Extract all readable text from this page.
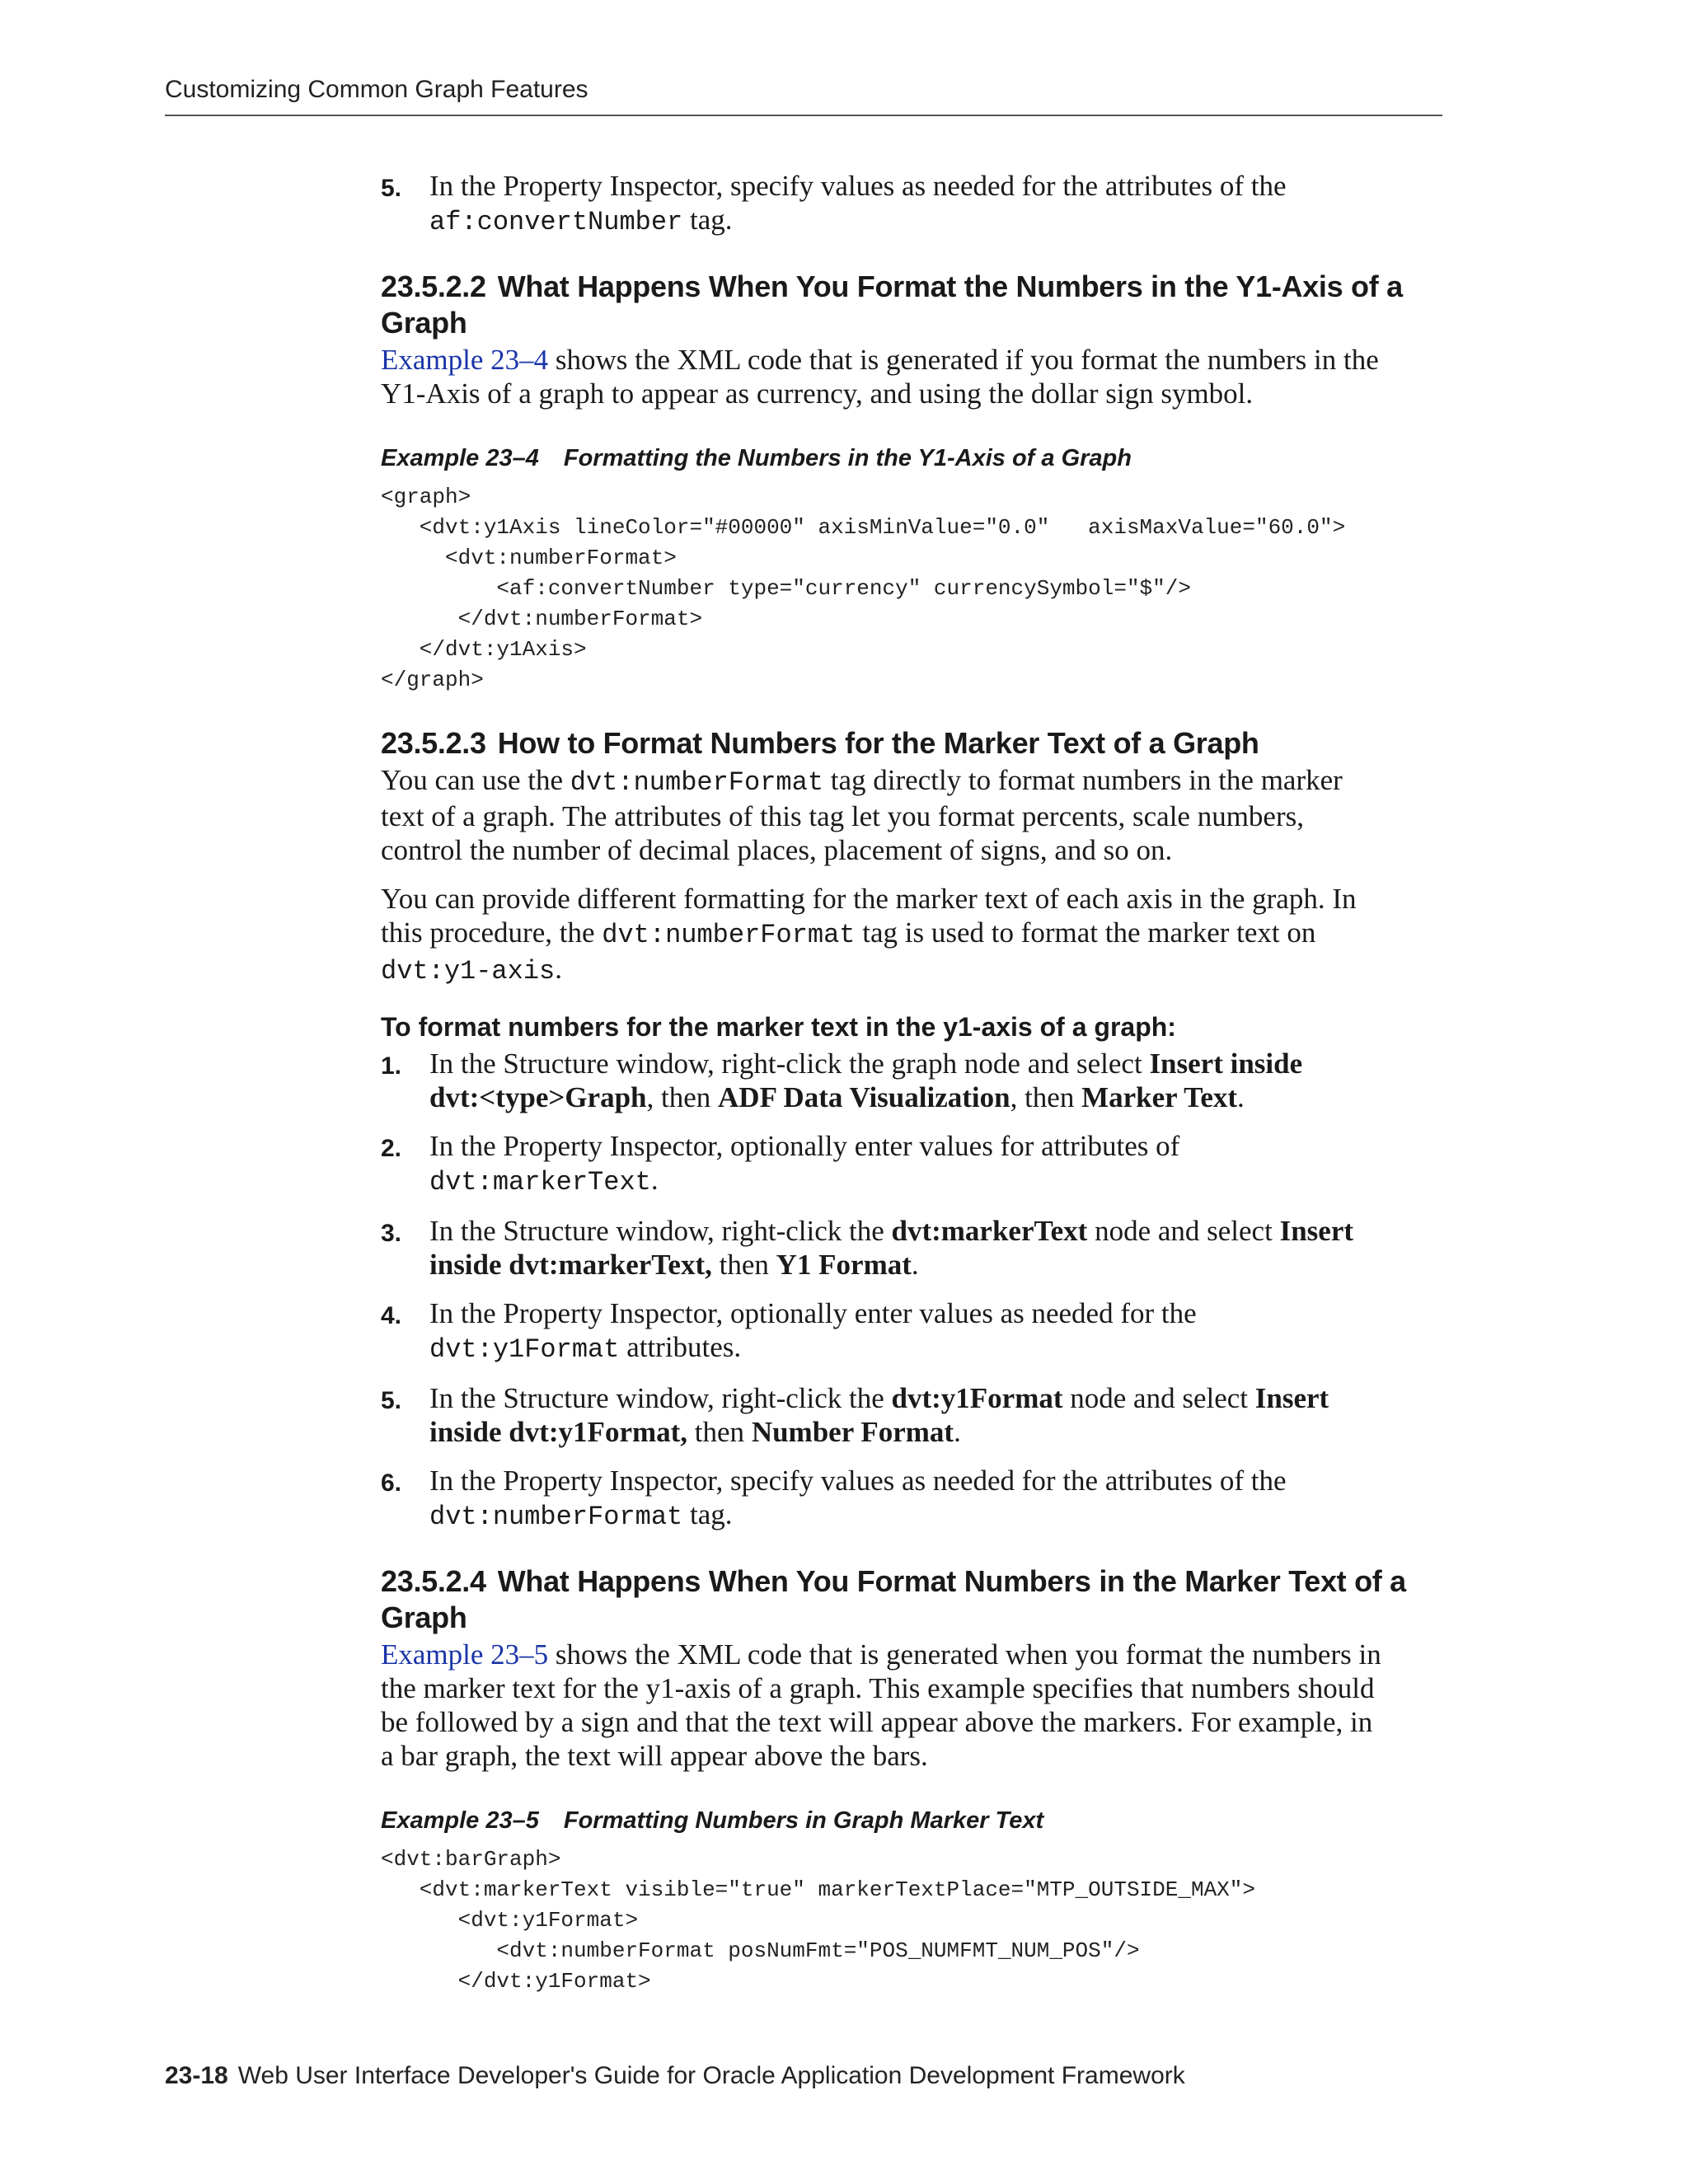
Customizing Common Graph Features
5. In the Property Inspector, specify values as needed for the attributes of the
af:convertNumber tag.
23.5.2.2 What Happens When You Format the Numbers in the Y1-Axis of a Graph

Example 23–4 shows the XML code that is generated if you format the numbers in the
Y1-Axis of a graph to appear as currency, and using the dollar sign symbol.

Example 23–4 Formatting the Numbers in the Y1-Axis of a Graph

<graph>
<dvt:y1Axis lineColor="#00000" axisMinValue="0.0"   axisMaxValue="60.0">
<dvt:numberFormat>
<af:convertNumber type="currency" currencySymbol="$"/>
</dvt:numberFormat>
</dvt:y1Axis>
</graph>
23.5.2.3 How to Format Numbers for the Marker Text of a Graph

You can use the dvt:numberFormat tag directly to format numbers in the marker
text of a graph. The attributes of this tag let you format percents, scale numbers,
control the number of decimal places, placement of signs, and so on.

You can provide different formatting for the marker text of each axis in the graph. In
this procedure, the dvt:numberFormat tag is used to format the marker text on
dvt:y1-axis.

To format numbers for the marker text in the y1-axis of a graph:

1. In the Structure window, right-click the graph node and select Insert inside
dvt:<type>Graph, then ADF Data Visualization, then Marker Text.
2. In the Property Inspector, optionally enter values for attributes of
dvt:markerText.
3. In the Structure window, right-click the dvt:markerText node and select Insert
inside dvt:markerText, then Y1 Format.
4. In the Property Inspector, optionally enter values as needed for the
dvt:y1Format attributes.
5. In the Structure window, right-click the dvt:y1Format node and select Insert
inside dvt:y1Format, then Number Format.
6. In the Property Inspector, specify values as needed for the attributes of the
dvt:numberFormat tag.
23.5.2.4 What Happens When You Format Numbers in the Marker Text of a Graph

Example 23–5 shows the XML code that is generated when you format the numbers in
the marker text for the y1-axis of a graph. This example specifies that numbers should
be followed by a sign and that the text will appear above the markers. For example, in
a bar graph, the text will appear above the bars.

Example 23–5 Formatting Numbers in Graph Marker Text

<dvt:barGraph>
<dvt:markerText visible="true" markerTextPlace="MTP_OUTSIDE_MAX">
<dvt:y1Format>
<dvt:numberFormat posNumFmt="POS_NUMFMT_NUM_POS"/>
</dvt:y1Format>
23-18 Web User Interface Developer's Guide for Oracle Application Development Framework
